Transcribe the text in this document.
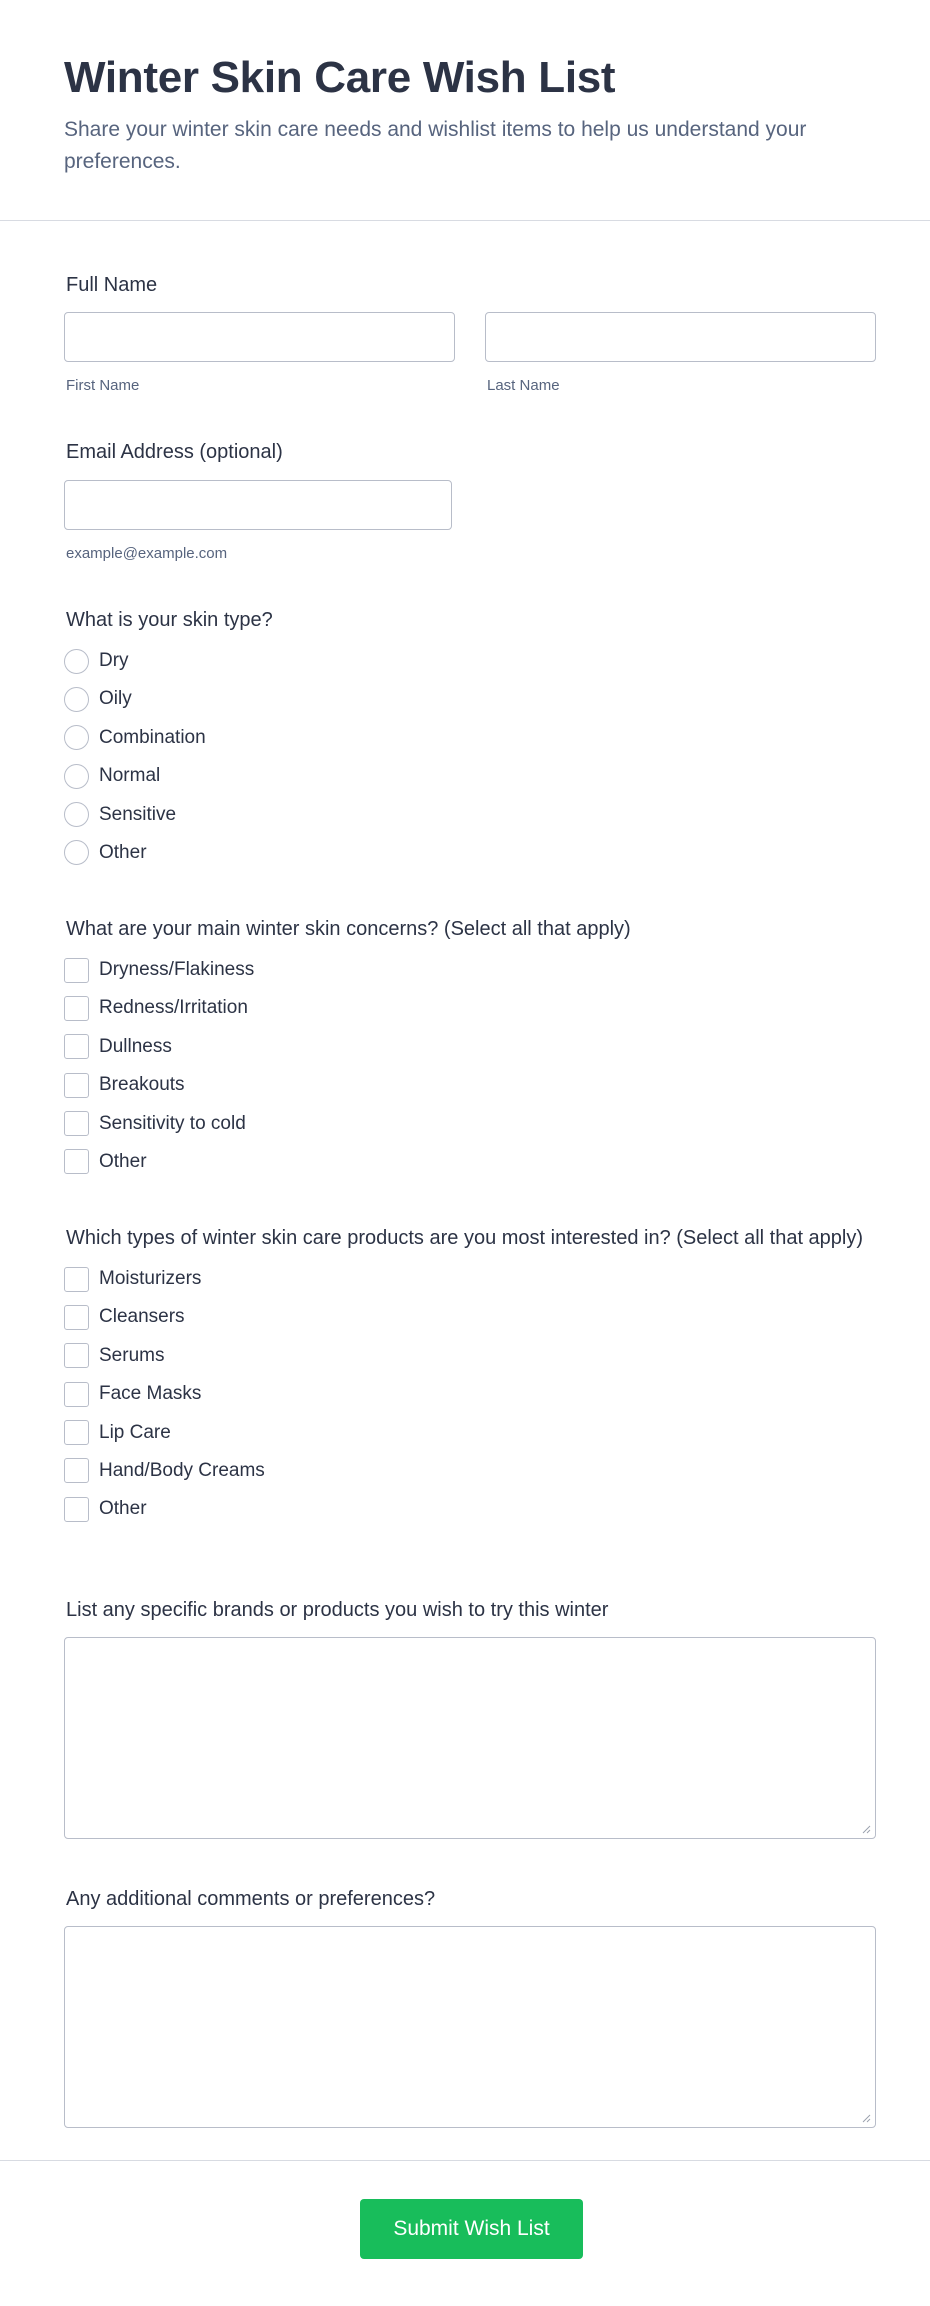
Winter Skin Care Wish List

Share your winter skin care needs and wishlist items to help us understand your preferences.

Full Name
First Name	Last Name
Email Address (optional)
example@example.com
What is your skin type?
Dry
Oily
Combination
Normal
Sensitive
Other
What are your main winter skin concerns? (Select all that apply)
Dryness/Flakiness
Redness/Irritation
Dullness
Breakouts
Sensitivity to cold
Other
Which types of winter skin care products are you most interested in? (Select all that apply)
Moisturizers
Cleansers
Serums
Face Masks
Lip Care
Hand/Body Creams
Other
List any specific brands or products you wish to try this winter
Any additional comments or preferences?
Submit Wish List
